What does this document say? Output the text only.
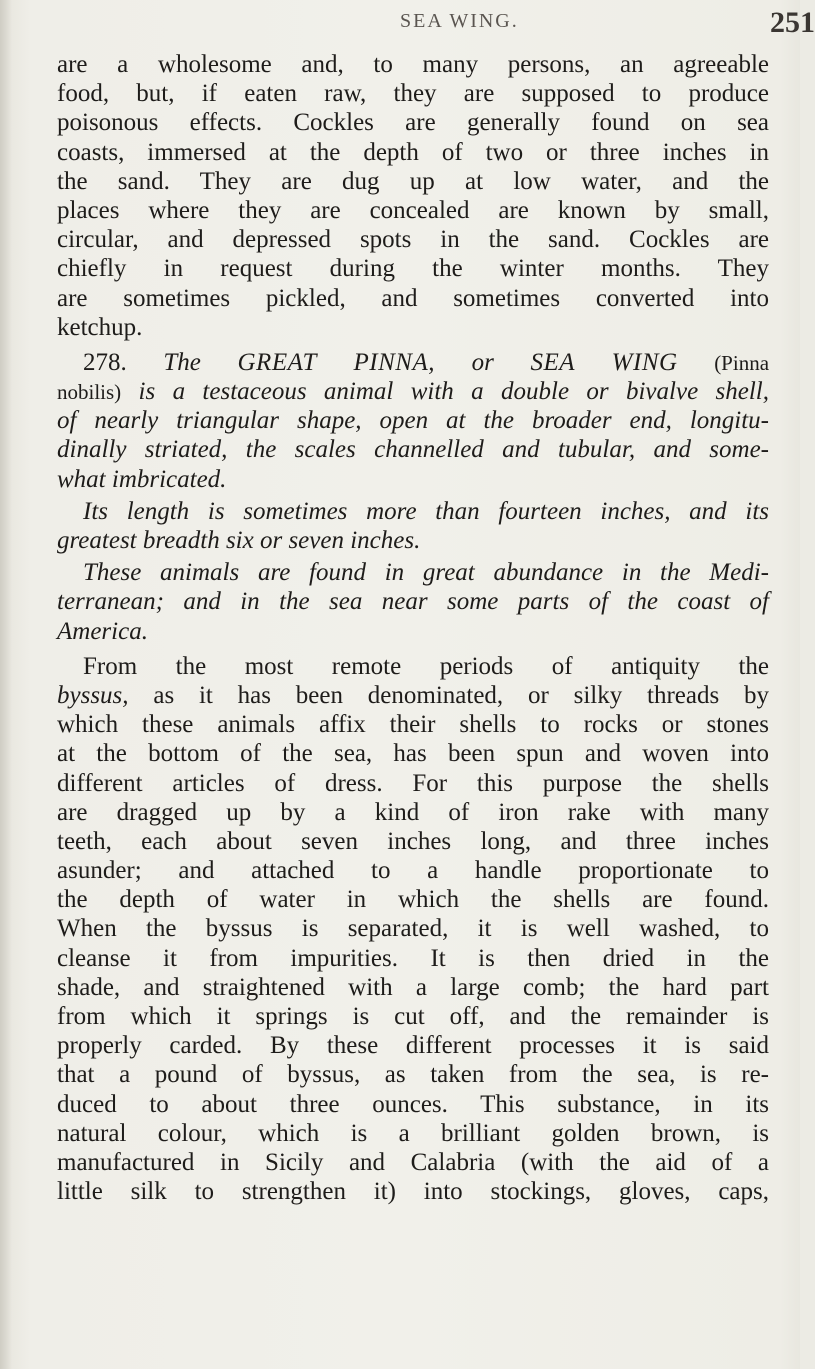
SEA WING.	251
are a wholesome and, to many persons, an agreeable
food, but, if eaten raw, they are supposed to produce
poisonous effects. Cockles are generally found on sea
coasts, immersed at the depth of two or three inches in
the sand. They are dug up at low water, and the
places where they are concealed are known by small,
circular, and depressed spots in the sand. Cockles are
chiefly in request during the winter months. They
are sometimes pickled, and sometimes converted into
ketchup.
278. The GREAT PINNA, or SEA WING (Pinna
nobilis) is a testaceous animal with a double or bivalve shell,
of nearly triangular shape, open at the broader end, longitu-
dinally striated, the scales channelled and tubular, and some-
what imbricated.
Its length is sometimes more than fourteen inches, and its
greatest breadth six or seven inches.
These animals are found in great abundance in the Medi-
terranean; and in the sea near some parts of the coast of
America.
From the most remote periods of antiquity the
byssus, as it has been denominated, or silky threads by
which these animals affix their shells to rocks or stones
at the bottom of the sea, has been spun and woven into
different articles of dress. For this purpose the shells
are dragged up by a kind of iron rake with many
teeth, each about seven inches long, and three inches
asunder; and attached to a handle proportionate to
the depth of water in which the shells are found.
When the byssus is separated, it is well washed, to
cleanse it from impurities. It is then dried in the
shade, and straightened with a large comb; the hard part
from which it springs is cut off, and the remainder is
properly carded. By these different processes it is said
that a pound of byssus, as taken from the sea, is re-
duced to about three ounces. This substance, in its
natural colour, which is a brilliant golden brown, is
manufactured in Sicily and Calabria (with the aid of a
little silk to strengthen it) into stockings, gloves, caps,
